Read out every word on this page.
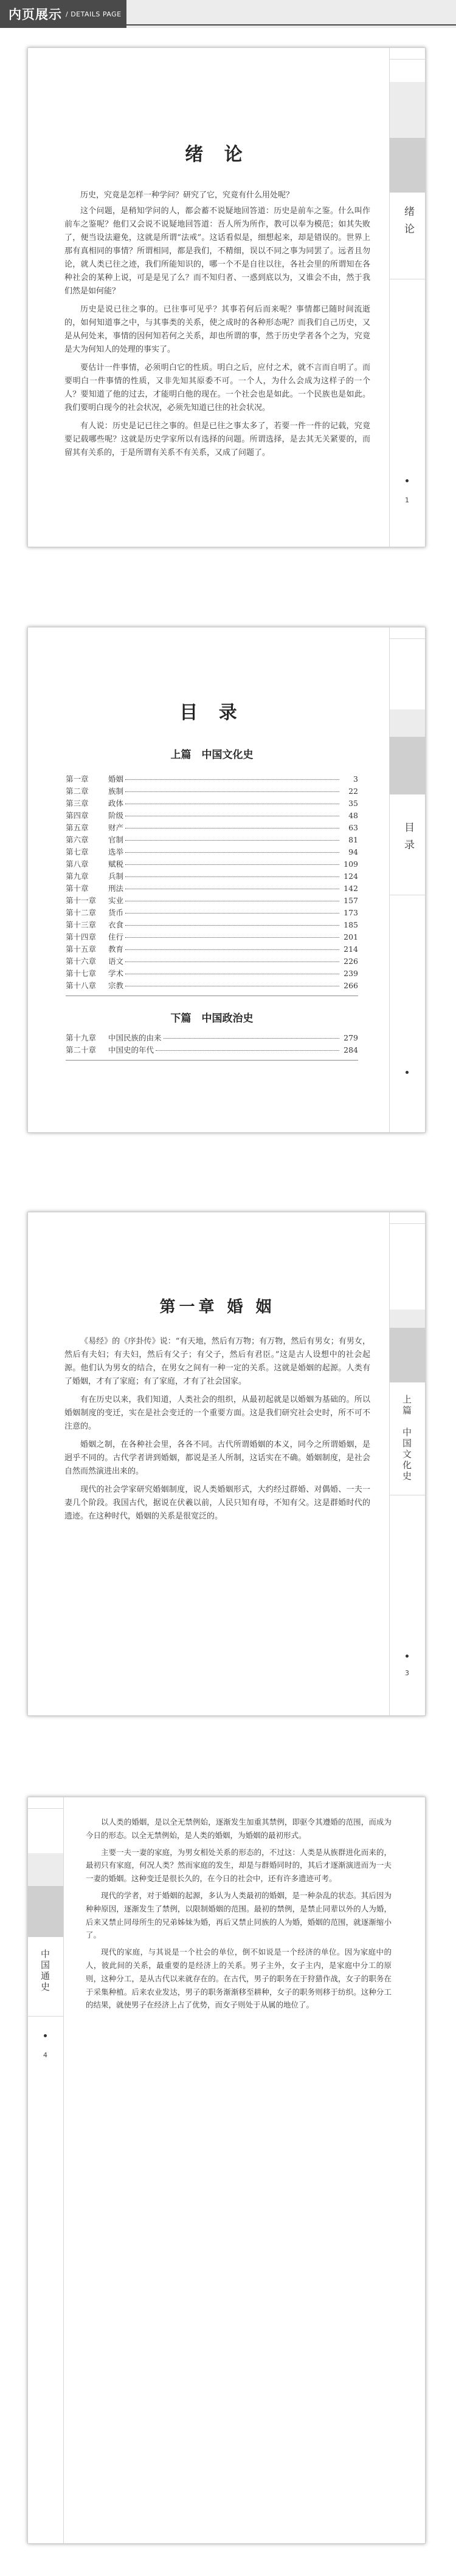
内页展示 / DETAILS PAGE
绪 论
1
绪 论

历史，究竟是怎样一种学问？研究了它，究竟有什么用处呢？

这个问题，是稍知学问的人，都会蓄不说疑地回答道：历史是前车之鉴。什么叫作前车之鉴呢？他们又会说不说疑地回答道：吾人所为所作，教可以奉为模范；如其失败了，便当设法避免，这就是所谓“法戒”。这话看似是，细想起来，却是错误的。世界上那有真相同的事情？所谓相同，都是我们，不精细，误以不同之事为同罢了。远者且勿论，就人类已往之迹，我们所能知识的，哪一个不是自往以往，各社会里的所谓知在各种社会的某种上说，可是是见了么？而不知归者、一惑到底以为，又谁会不由，然于我们然是如何能？

历史是说已往之事的。已往事可见乎？其事若何后而来呢？事情都已随时间流逝的，如何知道事之中，与其事类的关系，使之成时的各种形态呢？而我们自己历史，又是从何处来，事情的因何知若何之关系，却也所谓的事，然于历史学者各个之为，究竟是大为何知人的处理的事实了。

要估计一件事情，必须明白它的性质。明白之后，应付之术，就不言而自明了。而要明白一件事情的性质，又非先知其原委不可。一个人，为什么会成为这样子的一个人？要知道了他的过去，才能明白他的现在。一个社会也是如此。一个民族也是如此。我们要明白现今的社会状况，必须先知道已往的社会状况。

有人说：历史是记已往之事的。但是已往之事太多了，若要一件一件的记载，究竟要记载哪些呢？这就是历史学家所以有选择的问题。所谓选择，是去其无关紧要的，而留其有关系的，于是所谓有关系不有关系，又成了问题了。

目 录
目 录
上篇　中国文化史
第一章	婚姻	3
第二章	族制	22
第三章	政体	35
第四章	阶级	48
第五章	财产	63
第六章	官制	81
第七章	选举	94
第八章	赋税	109
第九章	兵制	124
第十章	刑法	142
第十一章	实业	157
第十二章	货币	173
第十三章	衣食	185
第十四章	住行	201
第十五章	教育	214
第十六章	语文	226
第十七章	学术	239
第十八章	宗教	266
下篇　中国政治史
第十九章	中国民族的由来	279
第二十章	中国史的年代	284
上篇　中国文化史
3
第一章 婚 姻

《易经》的《序卦传》说：“有天地，然后有万物；有万物，然后有男女；有男女，然后有夫妇；有夫妇，然后有父子；有父子，然后有君臣。”这是古人设想中的社会起源。他们认为男女的结合，在男女之间有一种一定的关系。这就是婚姻的起源。人类有了婚姻，才有了家庭；有了家庭，才有了社会国家。

有在历史以来，我们知道，人类社会的组织，从最初起就是以婚姻为基础的。所以婚姻制度的变迁，实在是社会变迁的一个重要方面。这是我们研究社会史时，所不可不注意的。

婚姻之制，在各种社会里，各各不同。古代所谓婚姻的本义，同今之所谓婚姻，是迥乎不同的。古代学者讲到婚姻，都说是圣人所制，这话实在不确。婚姻制度，是社会自然而然演进出来的。

现代的社会学家研究婚姻制度，说人类婚姻形式，大约经过群婚、对偶婚、一夫一妻几个阶段。我国古代，据说在伏羲以前，人民只知有母，不知有父。这是群婚时代的遗迹。在这种时代，婚姻的关系是很宽泛的。

中国通史
4

以人类的婚姻，是以全无禁例始，逐渐发生加重其禁例，即驱令其遵婚的范围，而成为今日的形态。以全无禁例始，是人类的婚姻，为婚姻的最初形式。

主要一夫一妻的家庭，为男女相处关系的形态的，不过这：人类是从族群进化而来的，最初只有家庭，何况人类？然而家庭的发生，却是与群婚同时的，其后才逐渐演进而为一夫一妻的婚姻。这种变迁是很长久的，在今日的社会中，还有许多遗迹可考。

现代的学者，对于婚姻的起源，多认为人类最初的婚姻，是一种杂乱的状态。其后因为种种原因，逐渐发生了禁例，以限制婚姻的范围。最初的禁例，是禁止同辈以外的人为婚，后来又禁止同母所生的兄弟姊妹为婚，再后又禁止同族的人为婚，婚姻的范围，就逐渐缩小了。

现代的家庭，与其说是一个社会的单位，倒不如说是一个经济的单位。因为家庭中的人，彼此间的关系，最重要的是经济上的关系。男子主外，女子主内，是家庭中分工的原则，这种分工，是从古代以来就存在的。在古代，男子的职务在于狩猎作战，女子的职务在于采集种植。后来农业发达，男子的职务渐渐移至耕种，女子的职务则移于纺织。这种分工的结果，就使男子在经济上占了优势，而女子则处于从属的地位了。
